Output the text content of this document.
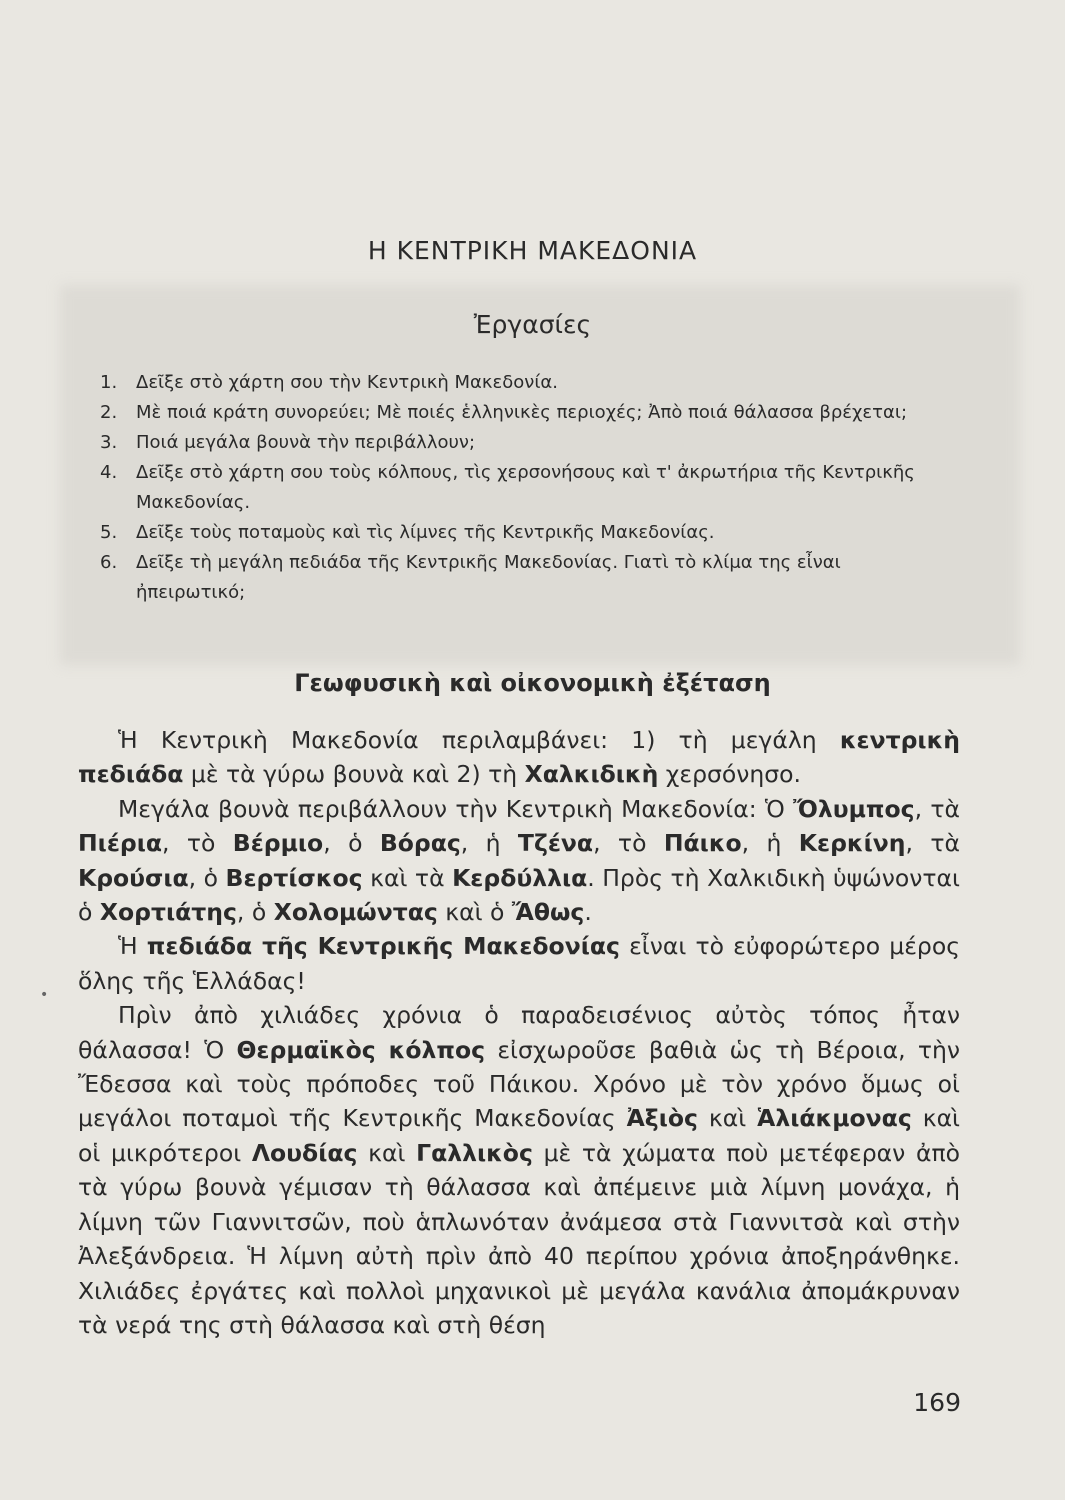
Η ΚΕΝΤΡΙΚΗ ΜΑΚΕΔΟΝΙΑ
Ἐργασίες
1.	Δεῖξε στὸ χάρτη σου τὴν Κεντρικὴ Μακεδονία.
2.	Μὲ ποιά κράτη συνορεύει; Μὲ ποιές ἑλληνικὲς περιοχές; Ἀπὸ ποιά θάλασσα βρέχεται;
3.	Ποιά μεγάλα βουνὰ τὴν περιβάλλουν;
4.	Δεῖξε στὸ χάρτη σου τοὺς κόλπους, τὶς χερσονήσους καὶ τ' ἀκρωτήρια τῆς Κεντρικῆς Μακεδονίας.
5.	Δεῖξε τοὺς ποταμοὺς καὶ τὶς λίμνες τῆς Κεντρικῆς Μακεδονίας.
6.	Δεῖξε τὴ μεγάλη πεδιάδα τῆς Κεντρικῆς Μακεδονίας. Γιατὶ τὸ κλίμα της εἶναι ἠπειρωτικό;
Γεωφυσικὴ καὶ οἰκονομικὴ ἐξέταση

Ἡ Κεντρικὴ Μακεδονία περιλαμβάνει: 1) τὴ μεγάλη κεντρικὴ πεδιάδα μὲ τὰ γύρω βουνὰ καὶ 2) τὴ Χαλκιδικὴ χερσόνησο.

Μεγάλα βουνὰ περιβάλλουν τὴν Κεντρικὴ Μακεδονία: Ὁ Ὄλυμπος, τὰ Πιέρια, τὸ Βέρμιο, ὁ Βόρας, ἡ Τζένα, τὸ Πάικο, ἡ Κερκίνη, τὰ Κρούσια, ὁ Βερτίσκος καὶ τὰ Κερδύλλια. Πρὸς τὴ Χαλκιδικὴ ὑψώνονται ὁ Χορτιάτης, ὁ Χολομώντας καὶ ὁ Ἄθως.

Ἡ πεδιάδα τῆς Κεντρικῆς Μακεδονίας εἶναι τὸ εὐφορώτερο μέρος ὅλης τῆς Ἑλλάδας!

Πρὶν ἀπὸ χιλιάδες χρόνια ὁ παραδεισένιος αὐτὸς τόπος ἦταν θάλασσα! Ὁ Θερμαϊκὸς κόλπος εἰσχωροῦσε βαθιὰ ὡς τὴ Βέροια, τὴν Ἔδεσσα καὶ τοὺς πρόποδες τοῦ Πάικου. Χρόνο μὲ τὸν χρόνο ὅμως οἱ μεγάλοι ποταμοὶ τῆς Κεντρικῆς Μακεδονίας Ἀξιὸς καὶ Ἁλιάκμονας καὶ οἱ μικρότεροι Λουδίας καὶ Γαλλικὸς μὲ τὰ χώματα ποὺ μετέφεραν ἀπὸ τὰ γύρω βουνὰ γέμισαν τὴ θάλασσα καὶ ἀπέμεινε μιὰ λίμνη μονάχα, ἡ λίμνη τῶν Γιαννιτσῶν, ποὺ ἁπλωνόταν ἀνάμεσα στὰ Γιαννιτσὰ καὶ στὴν Ἀλεξάνδρεια. Ἡ λίμνη αὐτὴ πρὶν ἀπὸ 40 περίπου χρόνια ἀποξηράνθηκε. Χιλιάδες ἐργάτες καὶ πολλοὶ μηχανικοὶ μὲ μεγάλα κανάλια ἀπομάκρυναν τὰ νερά της στὴ θάλασσα καὶ στὴ θέση

•
169
